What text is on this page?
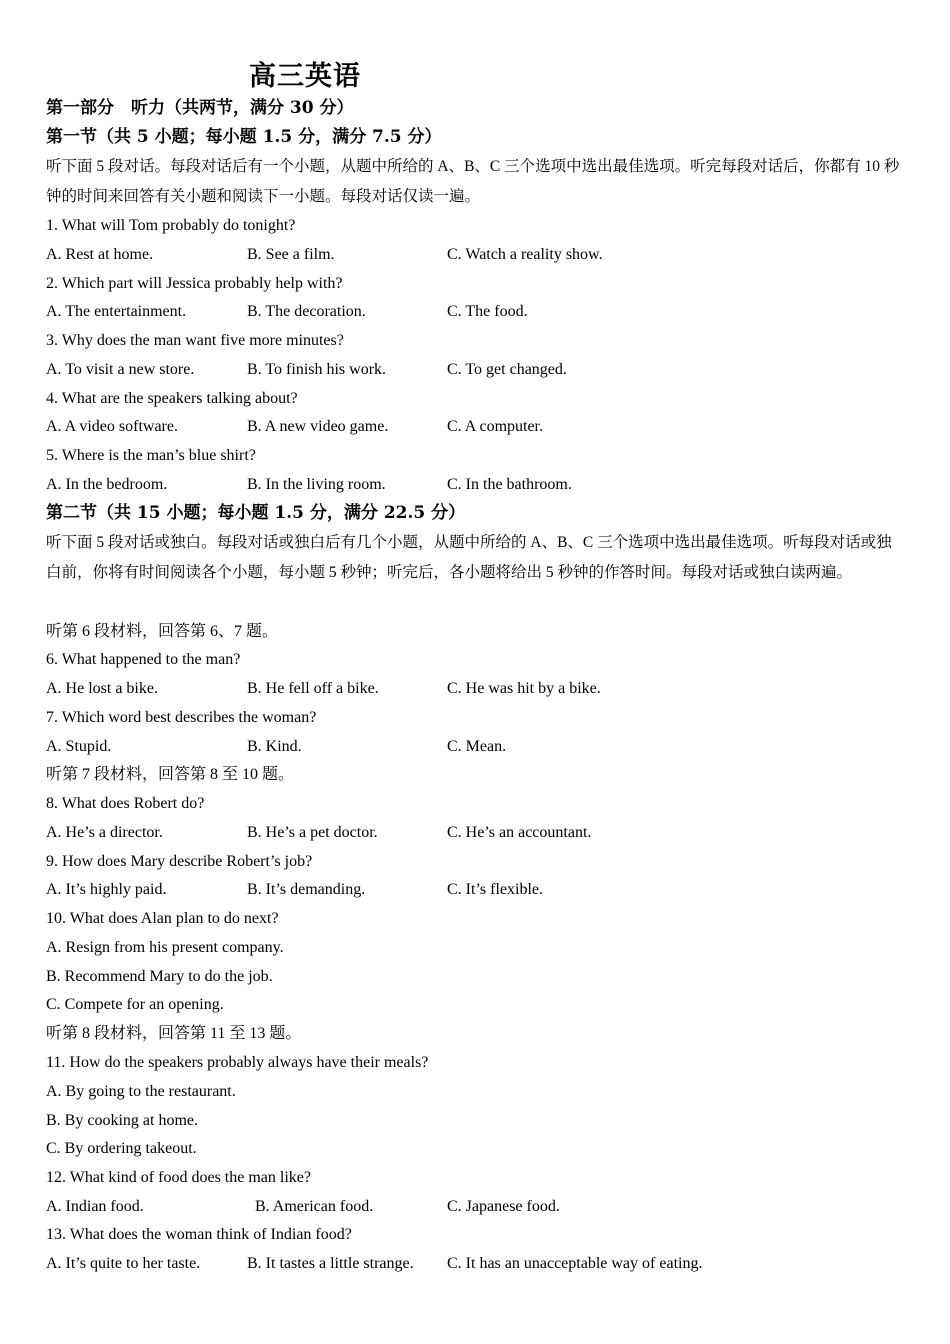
高三英语
第一部分　听力（共两节，满分 30 分）
第一节（共 5 小题；每小题 1.5 分，满分 7.5 分）
听下面 5 段对话。每段对话后有一个小题，从题中所给的 A、B、C 三个选项中选出最佳选项。听完每段对话后，你都有 10 秒钟的时间来回答有关小题和阅读下一小题。每段对话仅读一遍。
1. What will Tom probably do tonight?
A. Rest at home.	B. See a film.	C. Watch a reality show.
2. Which part will Jessica probably help with?
A. The entertainment.	B. The decoration.	C. The food.
3. Why does the man want five more minutes?
A. To visit a new store.	B. To finish his work.	C. To get changed.
4. What are the speakers talking about?
A. A video software.	B. A new video game.	C. A computer.
5. Where is the man’s blue shirt?
A. In the bedroom.	B. In the living room.	C. In the bathroom.
第二节（共 15 小题；每小题 1.5 分，满分 22.5 分）
听下面 5 段对话或独白。每段对话或独白后有几个小题，从题中所给的 A、B、C 三个选项中选出最佳选项。听每段对话或独白前，你将有时间阅读各个小题，每小题 5 秒钟；听完后，各小题将给出 5 秒钟的作答时间。每段对话或独白读两遍。
听第 6 段材料，回答第 6、7 题。
6. What happened to the man?
A. He lost a bike.	B. He fell off a bike.	C. He was hit by a bike.
7. Which word best describes the woman?
A. Stupid.	B. Kind.	C. Mean.
听第 7 段材料，回答第 8 至 10 题。
8. What does Robert do?
A. He’s a director.	B. He’s a pet doctor.	C. He’s an accountant.
9. How does Mary describe Robert’s job?
A. It’s highly paid.	B. It’s demanding.	C. It’s flexible.
10. What does Alan plan to do next?
A. Resign from his present company.
B. Recommend Mary to do the job.
C. Compete for an opening.
听第 8 段材料，回答第 11 至 13 题。
11. How do the speakers probably always have their meals?
A. By going to the restaurant.
B. By cooking at home.
C. By ordering takeout.
12. What kind of food does the man like?
A. Indian food.	B. American food.	C. Japanese food.
13. What does the woman think of Indian food?
A. It’s quite to her taste.	B. It tastes a little strange. C. It has an unacceptable way of eating.
